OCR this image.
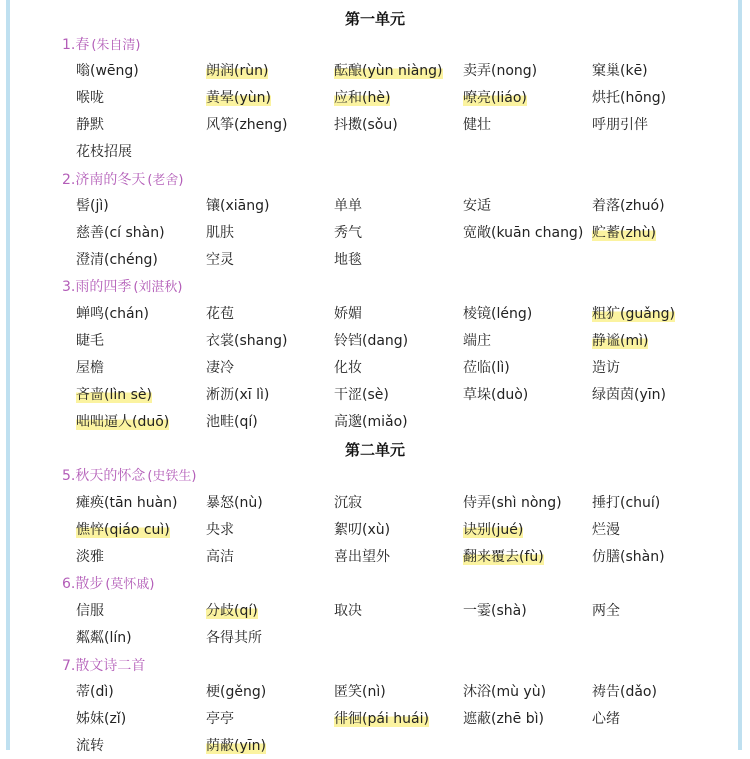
第一单元
1.春 (朱自清)
嗡(wēng)	朗润(rùn)	酝酿(yùn niàng) 卖弄(nong)	窠巢(kē)
喉咙	黄晕(yùn)	应和(hè)	嘹亮(liáo)	烘托(hōng)
静默	风筝(zheng)	抖擞(sǒu)	健壮	呼朋引伴
花枝招展
2.济南的冬天 (老舍)
髻(jì)	镶(xiāng)	单单	安适	着落(zhuó)
慈善(cí shàn)	肌肤	秀气	宽敞(kuān chang) 贮蓄(zhù)
澄清(chéng)	空灵	地毯
3.雨的四季 (刘湛秋)
蝉鸣(chán)	花苞	娇媚	棱镜(léng)	粗犷(guǎng)
睫毛	衣裳(shang)	铃铛(dang)	端庄	静谧(mì)
屋檐	凄冷	化妆	莅临(lì)	造访
吝啬(lìn sè)	淅沥(xī lì)	干涩(sè)	草垛(duò)	绿茵茵(yīn)
咄咄逼人(duō)	池畦(qí)	高邈(miǎo)
第二单元
5.秋天的怀念 (史铁生)
瘫痪(tān huàn) 暴怒(nù)	沉寂	侍弄(shì nòng) 捶打(chuí)
憔悴(qiáo cuì)	央求	絮叨(xù)	诀别(jué)	烂漫
淡雅	高洁	喜出望外	翻来覆去(fù)	仿膳(shàn)
6.散步 (莫怀戚)
信服	分歧(qí)	取决	一霎(shà)	两全
粼粼(lín)	各得其所
7.散文诗二首
蒂(dì)	梗(gěng)	匿笑(nì)	沐浴(mù yù)	祷告(dǎo)
姊妹(zǐ)	亭亭	徘徊(pái huái) 遮蔽(zhē bì)	心绪
流转	荫蔽(yīn)
